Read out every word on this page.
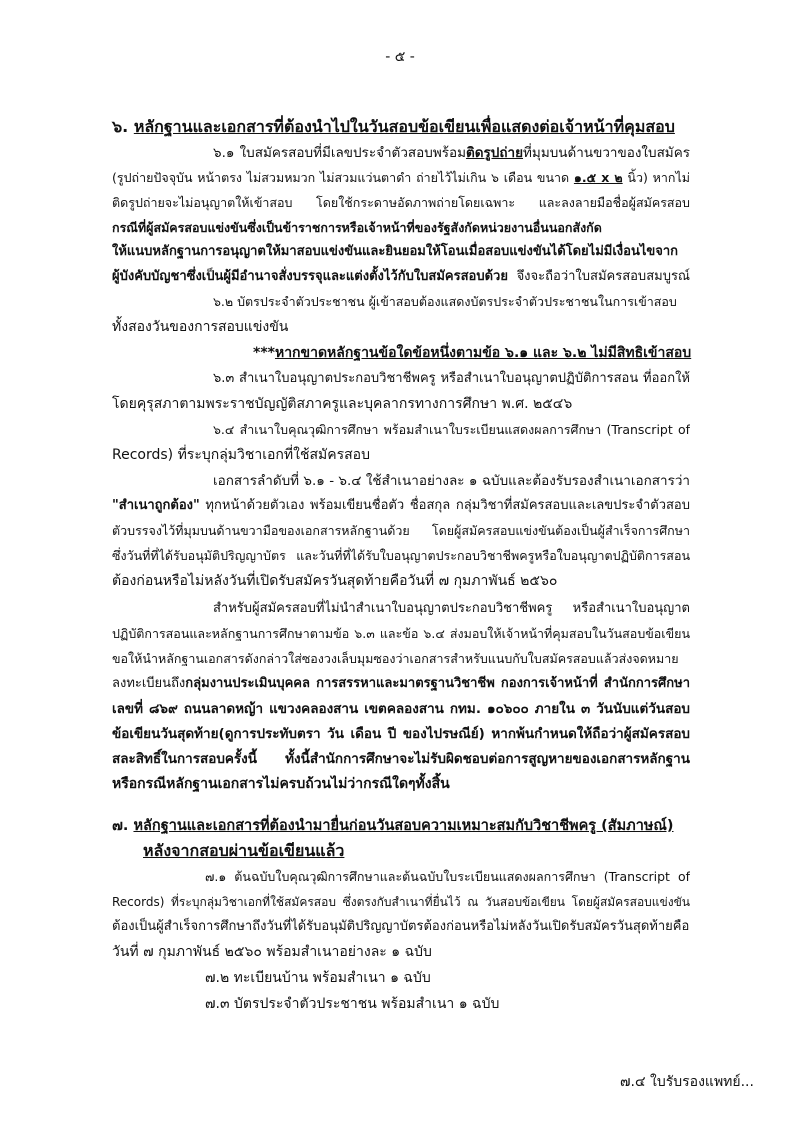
- ๕ -
๖. หลักฐานและเอกสารที่ต้องนำไปในวันสอบข้อเขียนเพื่อแสดงต่อเจ้าหน้าที่คุมสอบ
๖.๑ ใบสมัครสอบที่มีเลขประจำตัวสอบพร้อมติดรูปถ่ายที่มุมบนด้านขวาของใบสมัคร
(รูปถ่ายปัจจุบัน หน้าตรง ไม่สวมหมวก ไม่สวมแว่นตาดำ ถ่ายไว้ไม่เกิน ๖ เดือน ขนาด ๑.๕ x ๒ นิ้ว) หากไม่
ติดรูปถ่ายจะไม่อนุญาตให้เข้าสอบ โดยใช้กระดาษอัดภาพถ่ายโดยเฉพาะ และลงลายมือชื่อผู้สมัครสอบ
กรณีที่ผู้สมัครสอบแข่งขันซึ่งเป็นข้าราชการหรือเจ้าหน้าที่ของรัฐสังกัดหน่วยงานอื่นนอกสังกัด
ให้แนบหลักฐานการอนุญาตให้มาสอบแข่งขันและยินยอมให้โอนเมื่อสอบแข่งขันได้โดยไม่มีเงื่อนไขจาก
ผู้บังคับบัญชาซึ่งเป็นผู้มีอำนาจสั่งบรรจุและแต่งตั้งไว้กับใบสมัครสอบด้วย จึงจะถือว่าใบสมัครสอบสมบูรณ์
๖.๒ บัตรประจำตัวประชาชน ผู้เข้าสอบต้องแสดงบัตรประจำตัวประชาชนในการเข้าสอบ
ทั้งสองวันของการสอบแข่งขัน
***หากขาดหลักฐานข้อใดข้อหนึ่งตามข้อ ๖.๑ และ ๖.๒ ไม่มีสิทธิเข้าสอบ
๖.๓ สำเนาใบอนุญาตประกอบวิชาชีพครู หรือสำเนาใบอนุญาตปฏิบัติการสอน ที่ออกให้
โดยคุรุสภาตามพระราชบัญญัติสภาครูและบุคลากรทางการศึกษา พ.ศ. ๒๕๔๖
๖.๔ สำเนาใบคุณวุฒิการศึกษา พร้อมสำเนาใบระเบียนแสดงผลการศึกษา (Transcript of
Records) ที่ระบุกลุ่มวิชาเอกที่ใช้สมัครสอบ
เอกสารลำดับที่ ๖.๑ - ๖.๔ ใช้สำเนาอย่างละ ๑ ฉบับและต้องรับรองสำเนาเอกสารว่า
"สำเนาถูกต้อง" ทุกหน้าด้วยตัวเอง พร้อมเขียนชื่อตัว ชื่อสกุล กลุ่มวิชาที่สมัครสอบและเลขประจำตัวสอบ
ตัวบรรจงไว้ที่มุมบนด้านขวามือของเอกสารหลักฐานด้วย โดยผู้สมัครสอบแข่งขันต้องเป็นผู้สำเร็จการศึกษา
ซึ่งวันที่ที่ได้รับอนุมัติปริญญาบัตร และวันที่ที่ได้รับใบอนุญาตประกอบวิชาชีพครูหรือใบอนุญาตปฏิบัติการสอน
ต้องก่อนหรือไม่หลังวันที่เปิดรับสมัครวันสุดท้ายคือวันที่ ๗ กุมภาพันธ์ ๒๕๖๐
สำหรับผู้สมัครสอบที่ไม่นำสำเนาใบอนุญาตประกอบวิชาชีพครู หรือสำเนาใบอนุญาต
ปฏิบัติการสอนและหลักฐานการศึกษาตามข้อ ๖.๓ และข้อ ๖.๔ ส่งมอบให้เจ้าหน้าที่คุมสอบในวันสอบข้อเขียน
ขอให้นำหลักฐานเอกสารดังกล่าวใส่ซองวงเล็บมุมซองว่าเอกสารสำหรับแนบกับใบสมัครสอบแล้วส่งจดหมาย
ลงทะเบียนถึงกลุ่มงานประเมินบุคคล การสรรหาและมาตรฐานวิชาชีพ กองการเจ้าหน้าที่ สำนักการศึกษา
เลขที่ ๘๖๙ ถนนลาดหญ้า แขวงคลองสาน เขตคลองสาน กทม. ๑๐๖๐๐ ภายใน ๓ วันนับแต่วันสอบ
ข้อเขียนวันสุดท้าย(ดูการประทับตรา วัน เดือน ปี ของไปรษณีย์) หากพ้นกำหนดให้ถือว่าผู้สมัครสอบ
สละสิทธิ์ในการสอบครั้งนี้ ทั้งนี้สำนักการศึกษาจะไม่รับผิดชอบต่อการสูญหายของเอกสารหลักฐาน
หรือกรณีหลักฐานเอกสารไม่ครบถ้วนไม่ว่ากรณีใดๆทั้งสิ้น
๗. หลักฐานและเอกสารที่ต้องนำมายื่นก่อนวันสอบความเหมาะสมกับวิชาชีพครู (สัมภาษณ์)
หลังจากสอบผ่านข้อเขียนแล้ว
๗.๑ ต้นฉบับใบคุณวุฒิการศึกษาและต้นฉบับใบระเบียนแสดงผลการศึกษา (Transcript of
Records) ที่ระบุกลุ่มวิชาเอกที่ใช้สมัครสอบ ซึ่งตรงกับสำเนาที่ยื่นไว้ ณ วันสอบข้อเขียน โดยผู้สมัครสอบแข่งขัน
ต้องเป็นผู้สำเร็จการศึกษาถึงวันที่ได้รับอนุมัติปริญญาบัตรต้องก่อนหรือไม่หลังวันเปิดรับสมัครวันสุดท้ายคือ
วันที่ ๗ กุมภาพันธ์ ๒๕๖๐ พร้อมสำเนาอย่างละ ๑ ฉบับ
๗.๒ ทะเบียนบ้าน พร้อมสำเนา ๑ ฉบับ
๗.๓ บัตรประจำตัวประชาชน พร้อมสำเนา ๑ ฉบับ
๗.๔ ใบรับรองแพทย์...
